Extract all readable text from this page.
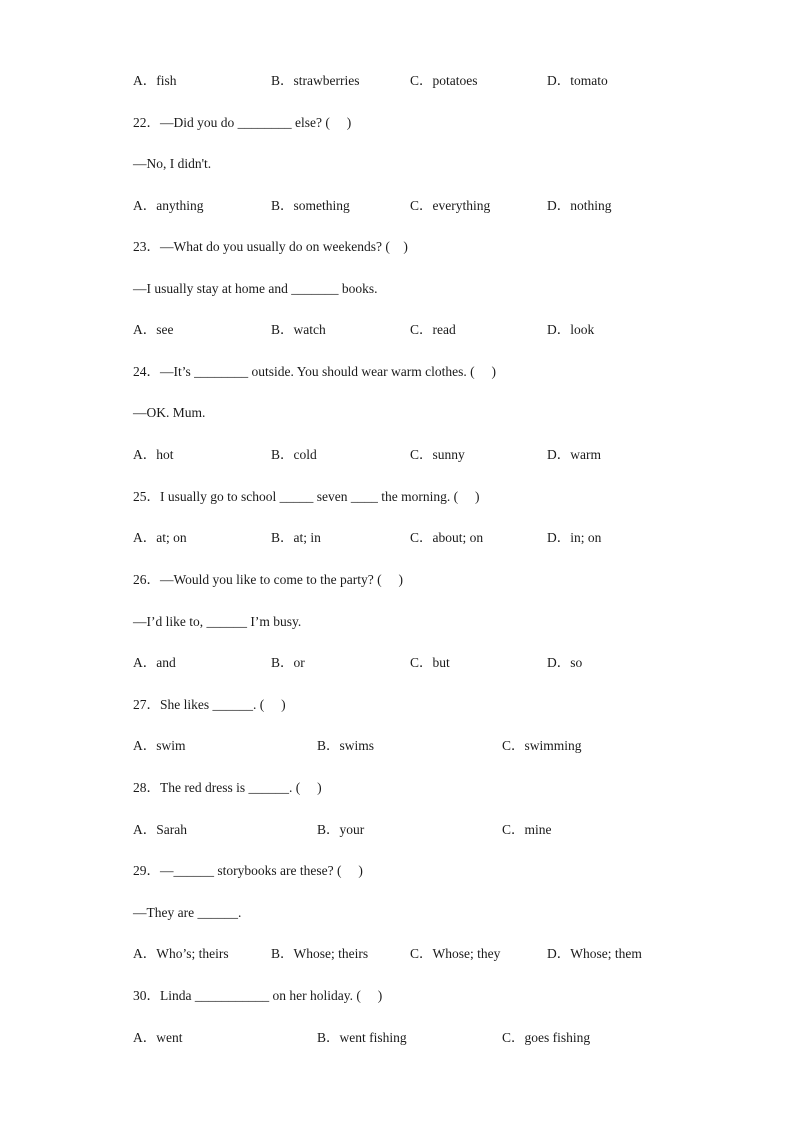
A．fish	B．strawberries	C．potatoes	D．tomato
22．—Did you do ________ else? (　 )
—No, I didn't.
A．anything	B．something	C．everything	D．nothing
23．—What do you usually do on weekends? (　)
—I usually stay at home and _______ books.
A．see	B．watch	C．read	D．look
24．—It’s ________ outside. You should wear warm clothes. (　 )
—OK. Mum.
A．hot	B．cold	C．sunny	D．warm
25．I usually go to school _____ seven ____ the morning. (　 )
A．at; on	B．at; in	C．about; on	D．in; on
26．—Would you like to come to the party? (　 )
—I’d like to, ______ I’m busy.
A．and	B．or	C．but	D．so
27．She likes ______. (　 )
A．swim	B．swims	C．swimming
28．The red dress is ______. (　 )
A．Sarah	B．your	C．mine
29．—______ storybooks are these? (　 )
—They are ______.
A．Who’s; theirs	B．Whose; theirs	C．Whose; they	D．Whose; them
30．Linda ___________ on her holiday. (　 )
A．went	B．went fishing	C．goes fishing
